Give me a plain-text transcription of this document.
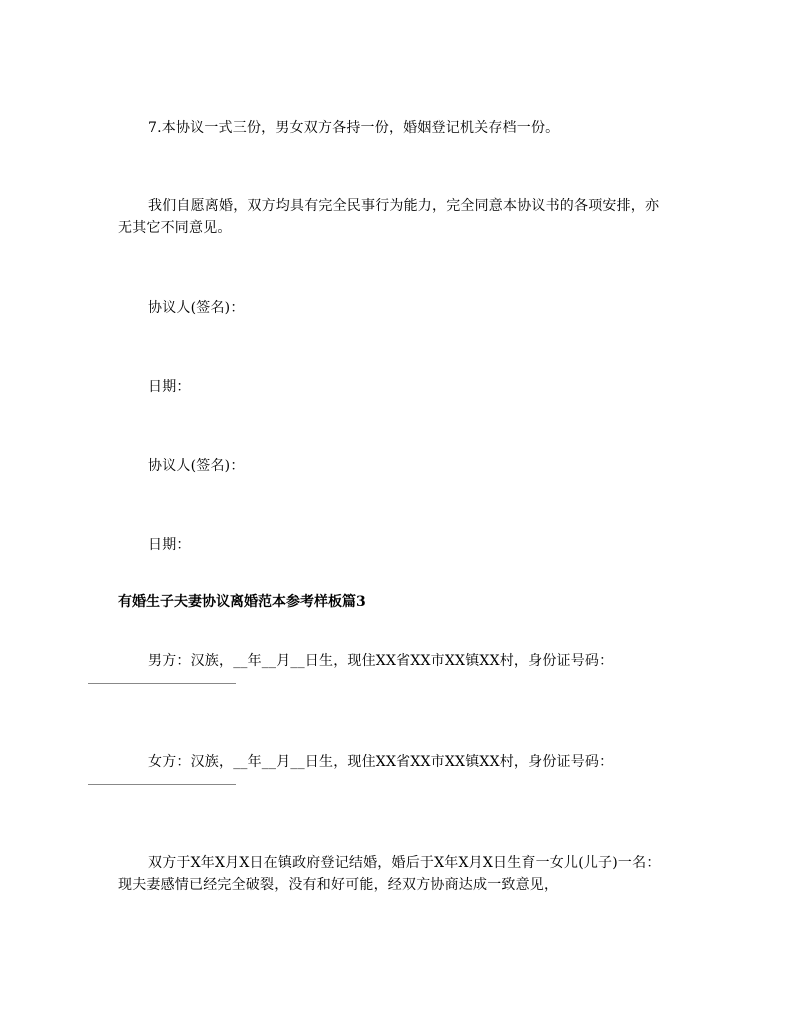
7.本协议一式三份，男女双方各持一份，婚姻登记机关存档一份。

我们自愿离婚，双方均具有完全民事行为能力，完全同意本协议书的各项安排，亦无其它不同意见。

协议人(签名)：

日期：

协议人(签名)：

日期：

有婚生子夫妻协议离婚范本参考样板篇3
男方：汉族，__年__月__日生，现住XX省XX市XX镇XX村，身份证号码：
女方：汉族，__年__月__日生，现住XX省XX市XX镇XX村，身份证号码：

双方于X年X月X日在镇政府登记结婚，婚后于X年X月X日生育一女儿(儿子)一名：现夫妻感情已经完全破裂，没有和好可能，经双方协商达成一致意见，
